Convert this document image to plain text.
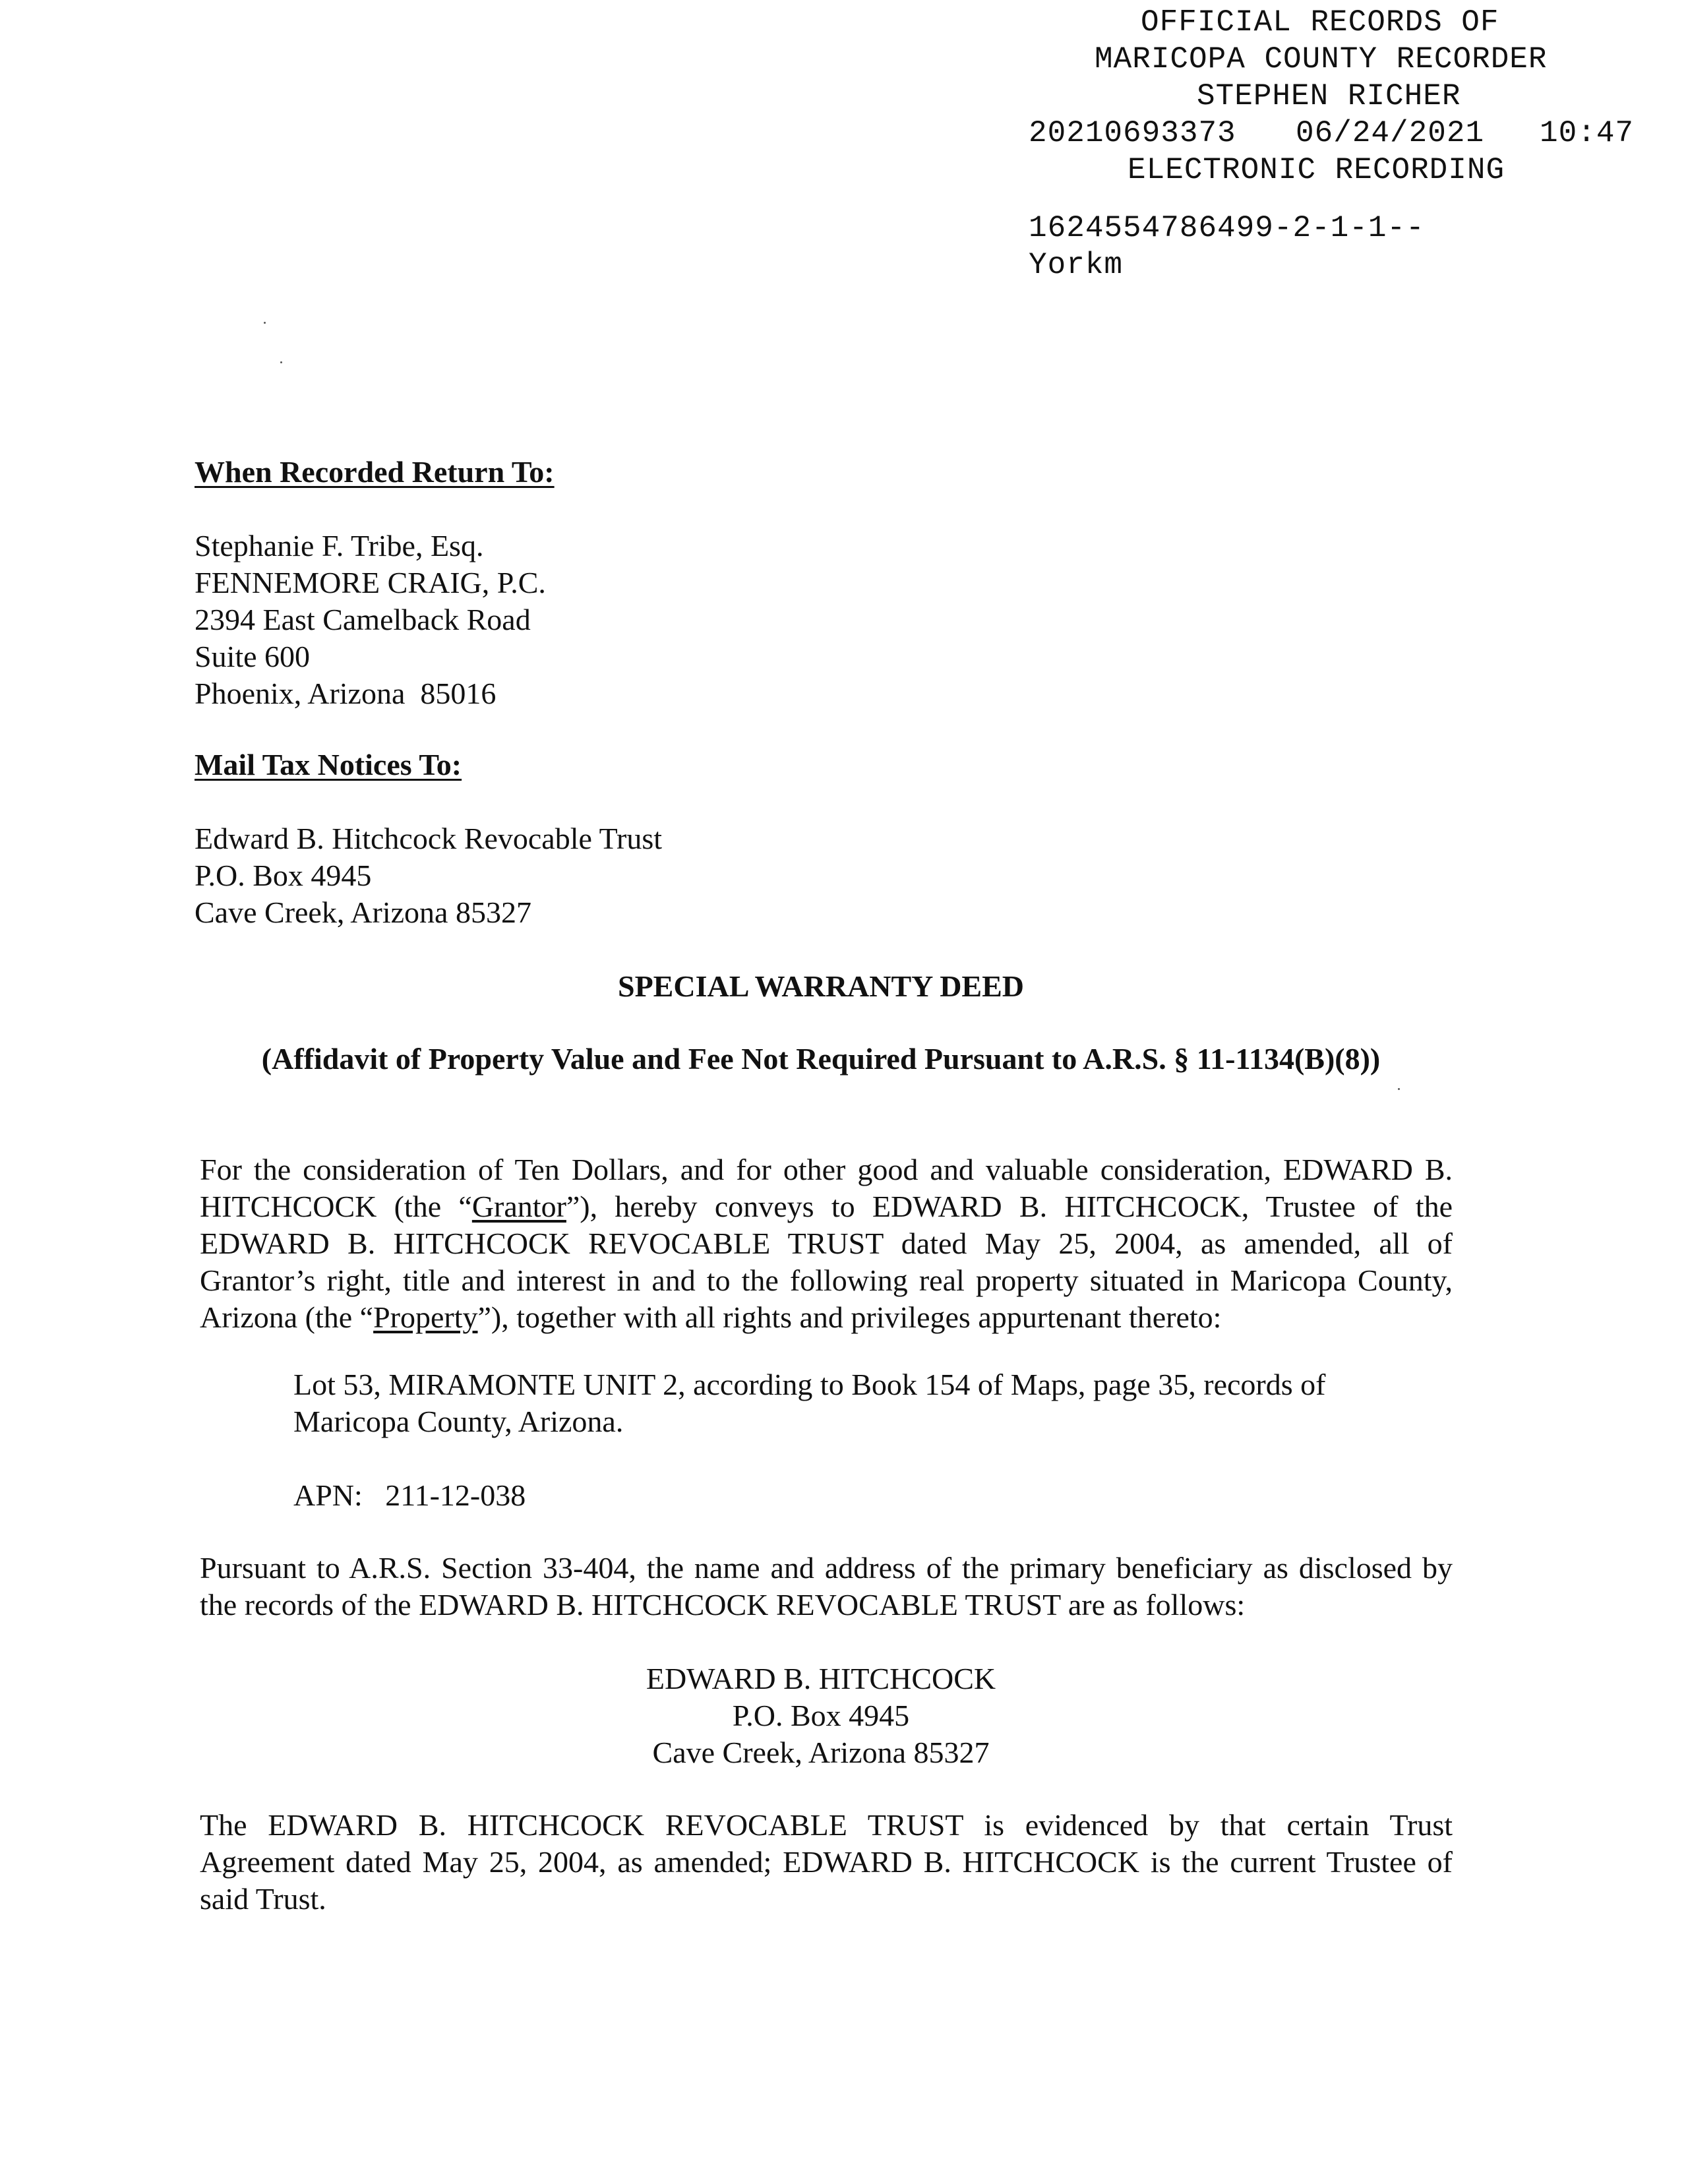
OFFICIAL RECORDS OF
MARICOPA COUNTY RECORDER
STEPHEN RICHER
20210693373 06/24/2021 10:47
ELECTRONIC RECORDING
1624554786499-2-1-1--
Yorkm
When Recorded Return To:
Stephanie F. Tribe, Esq.
FENNEMORE CRAIG, P.C.
2394 East Camelback Road
Suite 600
Phoenix, Arizona  85016
Mail Tax Notices To:
Edward B. Hitchcock Revocable Trust
P.O. Box 4945
Cave Creek, Arizona 85327
SPECIAL WARRANTY DEED
(Affidavit of Property Value and Fee Not Required Pursuant to A.R.S. § 11-1134(B)(8))
For the consideration of Ten Dollars, and for other good and valuable consideration, EDWARD B.
HITCHCOCK (the “Grantor”), hereby conveys to EDWARD B. HITCHCOCK, Trustee of the
EDWARD B. HITCHCOCK REVOCABLE TRUST dated May 25, 2004, as amended, all of
Grantor’s right, title and interest in and to the following real property situated in Maricopa County,
Arizona (the “Property”), together with all rights and privileges appurtenant thereto:
Lot 53, MIRAMONTE UNIT 2, according to Book 154 of Maps, page 35, records of
Maricopa County, Arizona.
APN:   211-12-038
Pursuant to A.R.S. Section 33-404, the name and address of the primary beneficiary as disclosed by
the records of the EDWARD B. HITCHCOCK REVOCABLE TRUST are as follows:
EDWARD B. HITCHCOCK
P.O. Box 4945
Cave Creek, Arizona 85327
The EDWARD B. HITCHCOCK REVOCABLE TRUST is evidenced by that certain Trust
Agreement dated May 25, 2004, as amended; EDWARD B. HITCHCOCK is the current Trustee of
said Trust.
